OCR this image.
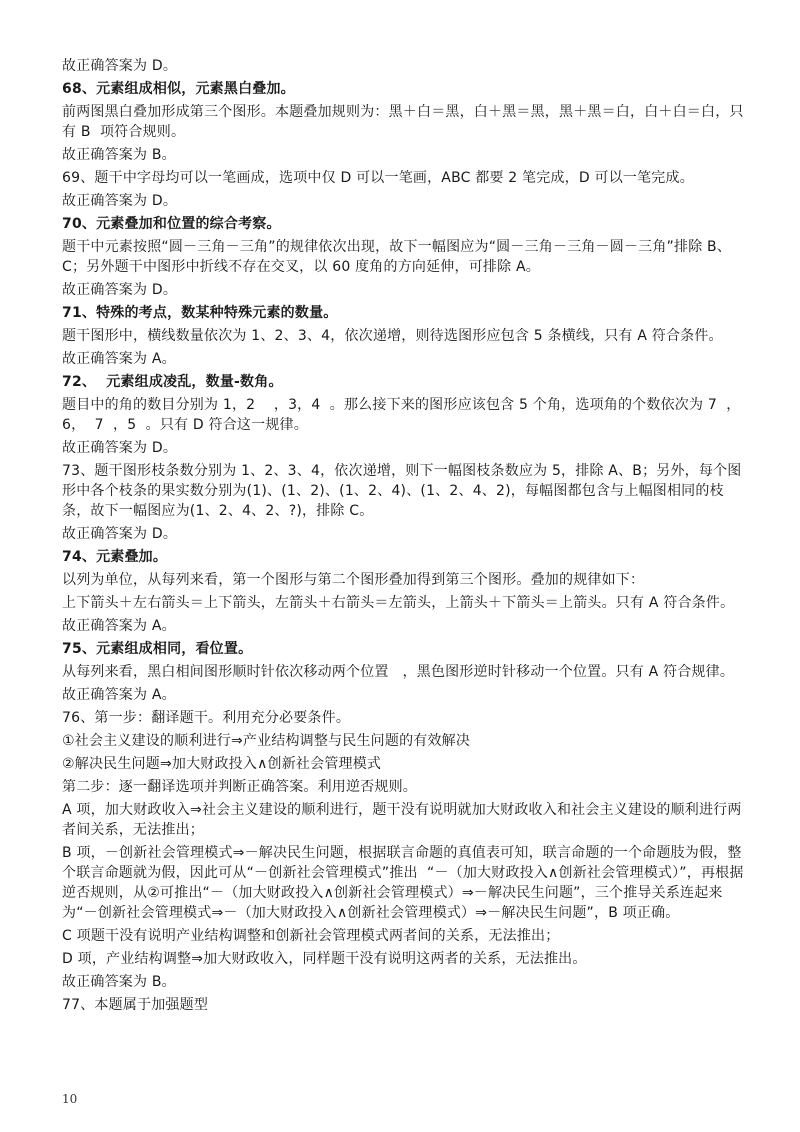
故正确答案为 D。

68、元素组成相似，元素黑白叠加。

前两图黑白叠加形成第三个图形。本题叠加规则为：黑＋白＝黑，白＋黑＝黑，黑＋黑＝白，白＋白＝白，只有 B  项符合规则。

故正确答案为 B。

69、题干中字母均可以一笔画成，选项中仅 D 可以一笔画，ABC 都要 2 笔完成，D 可以一笔完成。

故正确答案为 D。

70、元素叠加和位置的综合考察。

题干中元素按照“圆－三角－三角”的规律依次出现，故下一幅图应为“圆－三角－三角－圆－三角”排除 B、C；另外题干中图形中折线不存在交叉，以 60 度角的方向延伸，可排除 A。

故正确答案为 D。

71、特殊的考点，数某种特殊元素的数量。

题干图形中，横线数量依次为 1、2、3、4，依次递增，则待选图形应包含 5 条横线，只有 A 符合条件。

故正确答案为 A。

72、  元素组成凌乱，数量-数角。

题目中的角的数目分别为 1，2    ，3，4  。那么接下来的图形应该包含 5 个角，选项角的个数依次为 7  ，6，  7  ，5  。只有 D 符合这一规律。

故正确答案为 D。

73、题干图形枝条数分别为 1、2、3、4，依次递增，则下一幅图枝条数应为 5，排除 A、B；另外，每个图形中各个枝条的果实数分别为(1)、(1、2)、(1、2、4)、(1、2、4、2)，每幅图都包含与上幅图相同的枝条，故下一幅图应为(1、2、4、2、?)，排除 C。

故正确答案为 D。

74、元素叠加。

以列为单位，从每列来看，第一个图形与第二个图形叠加得到第三个图形。叠加的规律如下：

上下箭头＋左右箭头＝上下箭头，左箭头＋右箭头＝左箭头，上箭头＋下箭头＝上箭头。只有 A 符合条件。

故正确答案为 A。

75、元素组成相同，看位置。

从每列来看，黑白相间图形顺时针依次移动两个位置   ，黑色图形逆时针移动一个位置。只有 A 符合规律。

故正确答案为 A。

76、第一步：翻译题干。利用充分必要条件。

①社会主义建设的顺利进行⇒产业结构调整与民生问题的有效解决

②解决民生问题⇒加大财政投入∧创新社会管理模式

第二步：逐一翻译选项并判断正确答案。利用逆否规则。

A 项，加大财政收入⇒社会主义建设的顺利进行，题干没有说明就加大财政收入和社会主义建设的顺利进行两者间关系，无法推出；

B 项，－创新社会管理模式⇒－解决民生问题，根据联言命题的真值表可知，联言命题的一个命题肢为假，整个联言命题就为假，因此可从“－创新社会管理模式”推出  “－（加大财政投入∧创新社会管理模式）”，再根据逆否规则，从②可推出“－（加大财政投入∧创新社会管理模式）⇒－解决民生问题”，三个推导关系连起来为“－创新社会管理模式⇒－（加大财政投入∧创新社会管理模式）⇒－解决民生问题”，B 项正确。

C 项题干没有说明产业结构调整和创新社会管理模式两者间的关系，无法推出；

D 项，产业结构调整⇒加大财政收入，同样题干没有说明这两者的关系，无法推出。

故正确答案为 B。

77、本题属于加强题型

10
